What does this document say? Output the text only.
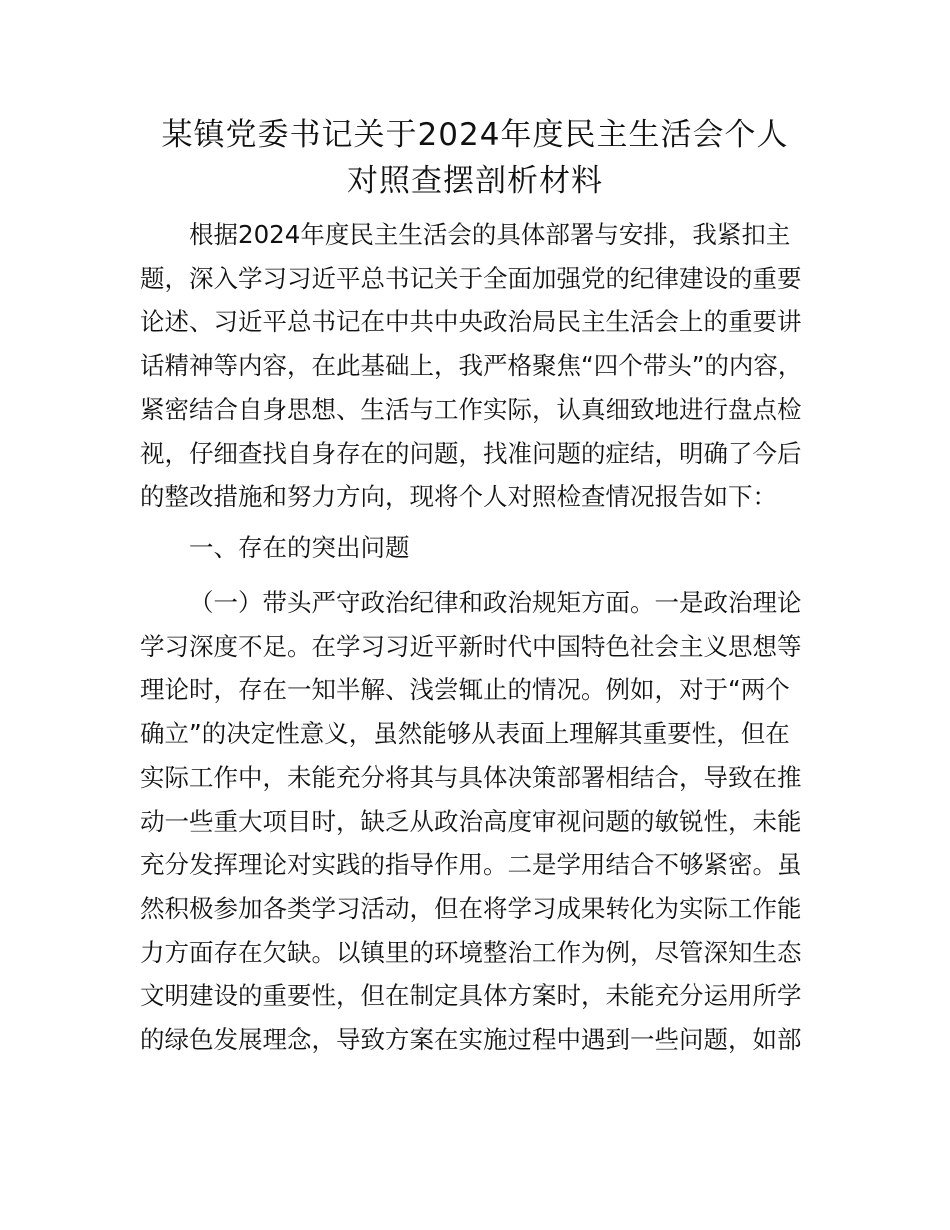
某镇党委书记关于2024年度民主生活会个人
对照查摆剖析材料
根据2024年度民主生活会的具体部署与安排，我紧扣主
题，深入学习习近平总书记关于全面加强党的纪律建设的重要
论述、习近平总书记在中共中央政治局民主生活会上的重要讲
话精神等内容，在此基础上，我严格聚焦“四个带头”的内容，
紧密结合自身思想、生活与工作实际，认真细致地进行盘点检
视，仔细查找自身存在的问题，找准问题的症结，明确了今后
的整改措施和努力方向，现将个人对照检查情况报告如下：
一、存在的突出问题
（一）带头严守政治纪律和政治规矩方面。一是政治理论
学习深度不足。在学习习近平新时代中国特色社会主义思想等
理论时，存在一知半解、浅尝辄止的情况。例如，对于“两个
确立”的决定性意义，虽然能够从表面上理解其重要性，但在
实际工作中，未能充分将其与具体决策部署相结合，导致在推
动一些重大项目时，缺乏从政治高度审视问题的敏锐性，未能
充分发挥理论对实践的指导作用。二是学用结合不够紧密。虽
然积极参加各类学习活动，但在将学习成果转化为实际工作能
力方面存在欠缺。以镇里的环境整治工作为例，尽管深知生态
文明建设的重要性，但在制定具体方案时，未能充分运用所学
的绿色发展理念，导致方案在实施过程中遇到一些问题，如部
